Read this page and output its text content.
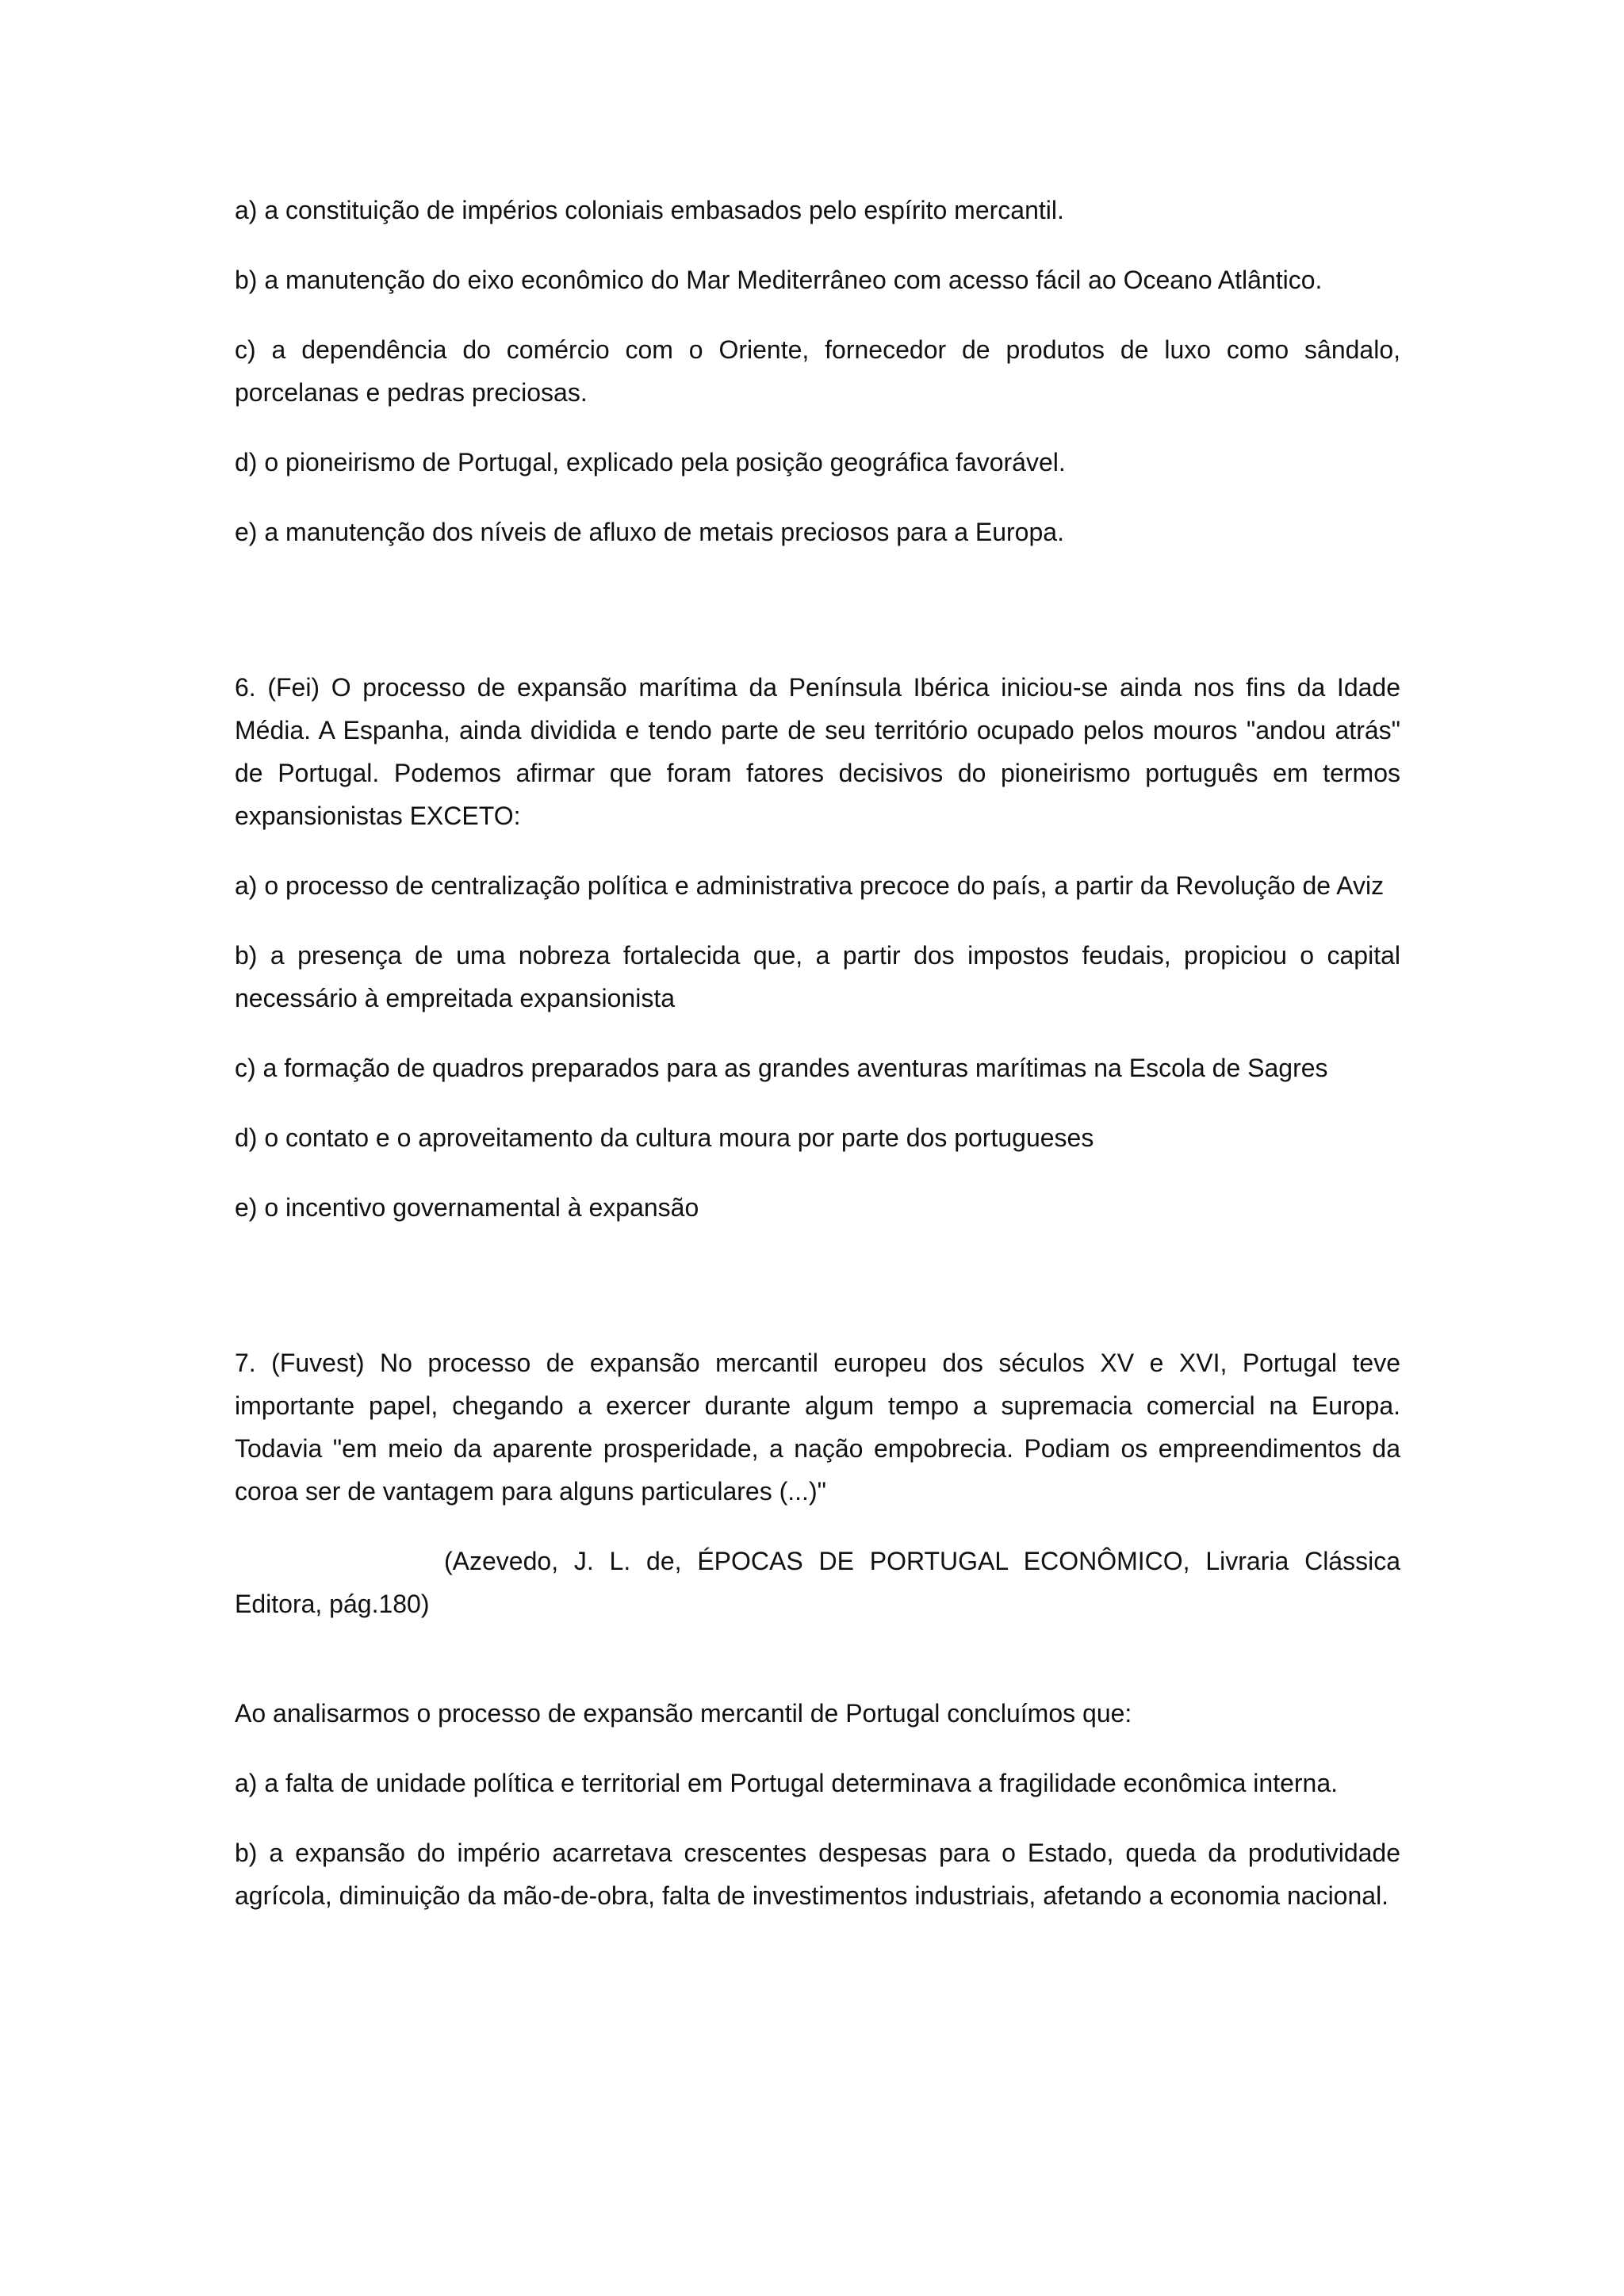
a) a constituição de impérios coloniais embasados pelo espírito mercantil.

b) a manutenção do eixo econômico do Mar Mediterrâneo com acesso fácil ao Oceano Atlântico.

c) a dependência do comércio com o Oriente, fornecedor de produtos de luxo como sândalo, porcelanas e pedras preciosas.

d) o pioneirismo de Portugal, explicado pela posição geográfica favorável.

e) a manutenção dos níveis de afluxo de metais preciosos para a Europa.

6. (Fei) O processo de expansão marítima da Península Ibérica iniciou-se ainda nos fins da Idade Média. A Espanha, ainda dividida e tendo parte de seu território ocupado pelos mouros "andou atrás" de Portugal. Podemos afirmar que foram fatores decisivos do pioneirismo português em termos expansionistas EXCETO:

a) o processo de centralização política e administrativa precoce do país, a partir da Revolução de Aviz

b) a presença de uma nobreza fortalecida que, a partir dos impostos feudais, propiciou o capital necessário à empreitada expansionista

c) a formação de quadros preparados para as grandes aventuras marítimas na Escola de Sagres

d) o contato e o aproveitamento da cultura moura por parte dos portugueses

e) o incentivo governamental à expansão

7. (Fuvest) No processo de expansão mercantil europeu dos séculos XV e XVI, Portugal teve importante papel, chegando a exercer durante algum tempo a supremacia comercial na Europa. Todavia "em meio da aparente prosperidade, a nação empobrecia. Podiam os empreendimentos da coroa ser de vantagem para alguns particulares (...)"

(Azevedo, J. L. de, ÉPOCAS DE PORTUGAL ECONÔMICO, Livraria Clássica Editora, pág.180)

Ao analisarmos o processo de expansão mercantil de Portugal concluímos que:

a) a falta de unidade política e territorial em Portugal determinava a fragilidade econômica interna.

b) a expansão do império acarretava crescentes despesas para o Estado, queda da produtividade agrícola, diminuição da mão-de-obra, falta de investimentos industriais, afetando a economia nacional.
